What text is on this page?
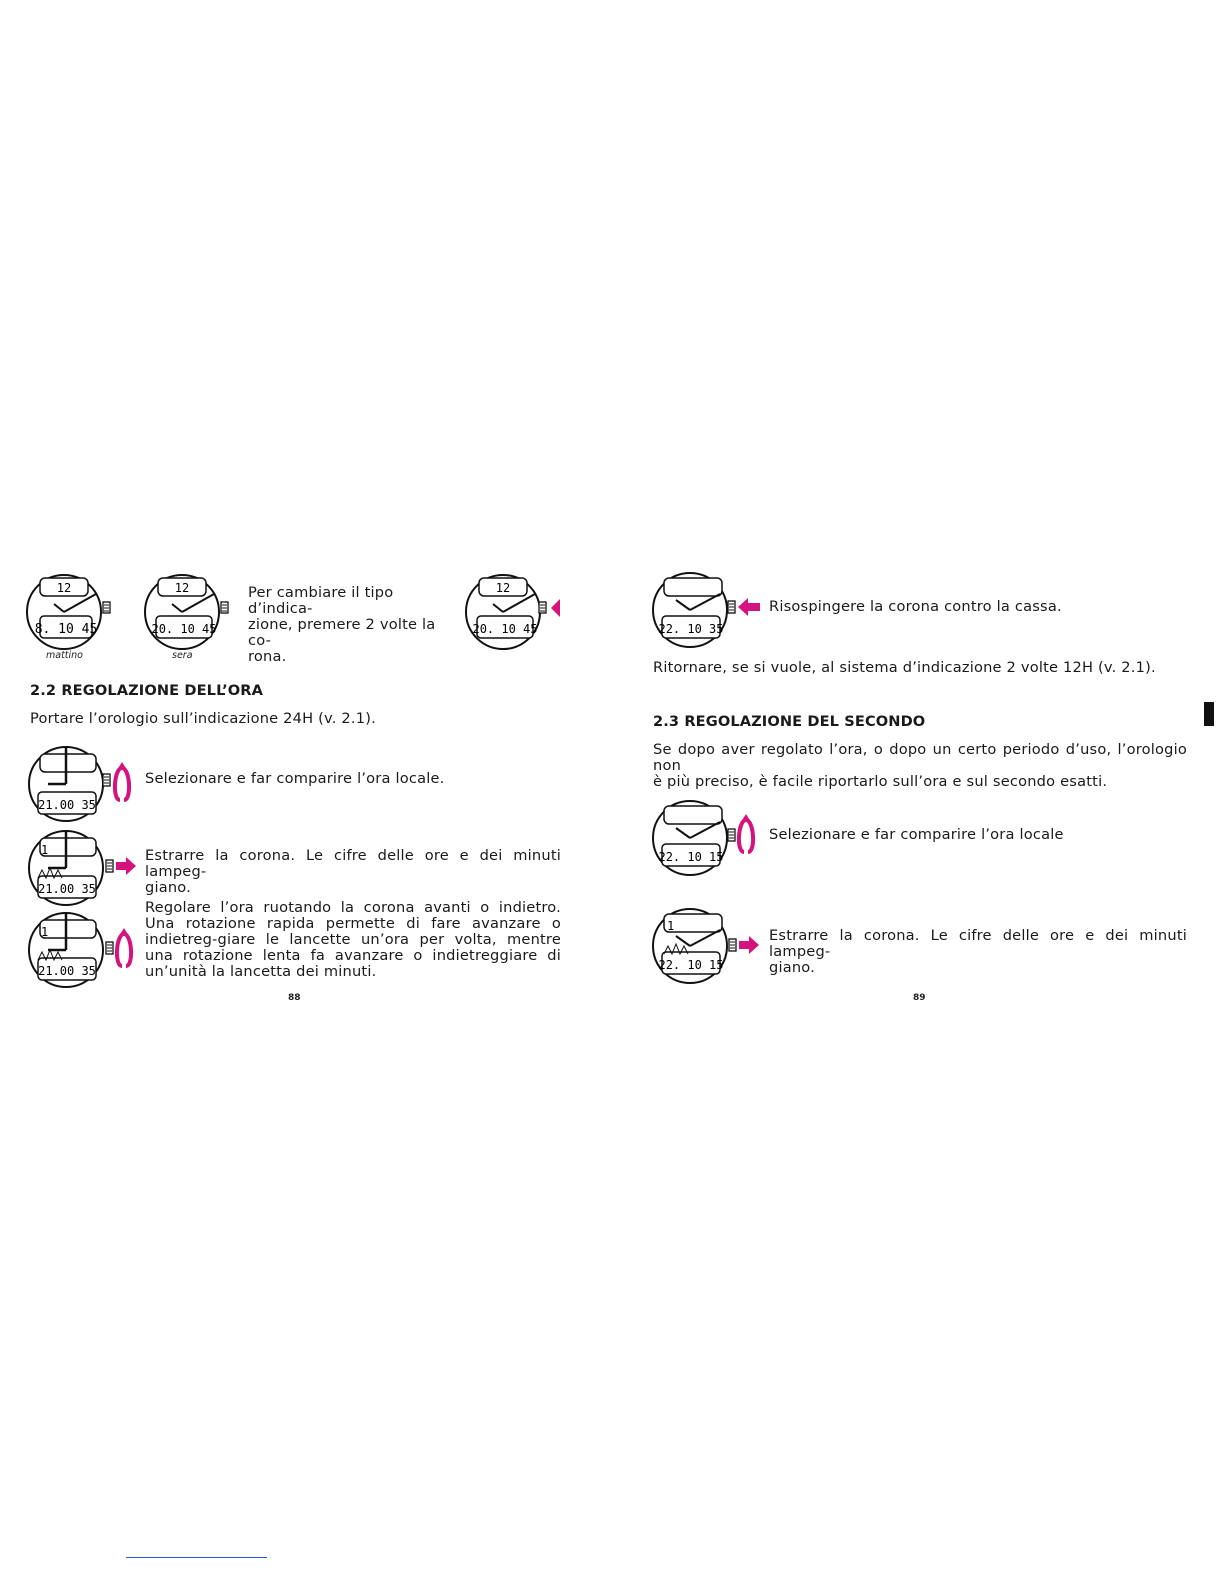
12
8. 10 45
mattino
12
20. 10 45
sera
Per cambiare il tipo d’indica-
zione, premere 2 volte la co-
rona.
12
20. 10 45
2.2 REGOLAZIONE DELL’ORA
Portare l’orologio sull’indicazione 24H (v. 2.1).
21.00 35
Selezionare e far comparire l’ora locale.
1
21.00 35
Estrarre la corona. Le cifre delle ore e dei minuti lampeg-
giano.
1
21.00 35
Regolare l’ora ruotando la corona avanti o indietro. Una rotazione rapida permette di fare avanzare o indietreg-giare le lancette un’ora per volta, mentre una rotazione lenta fa avanzare o indietreggiare di un’unità la lancetta dei minuti.
88
22. 10 35
Risospingere la corona contro la cassa.
Ritornare, se si vuole, al sistema d’indicazione 2 volte 12H (v. 2.1).
2.3 REGOLAZIONE DEL SECONDO
Se dopo aver regolato l’ora, o dopo un certo periodo d’uso, l’orologio non
è più preciso, è facile riportarlo sull’ora e sul secondo esatti.
22. 10 15
Selezionare e far comparire l’ora locale
1
22. 10 15
Estrarre la corona. Le cifre delle ore e dei minuti lampeg-
giano.
89
